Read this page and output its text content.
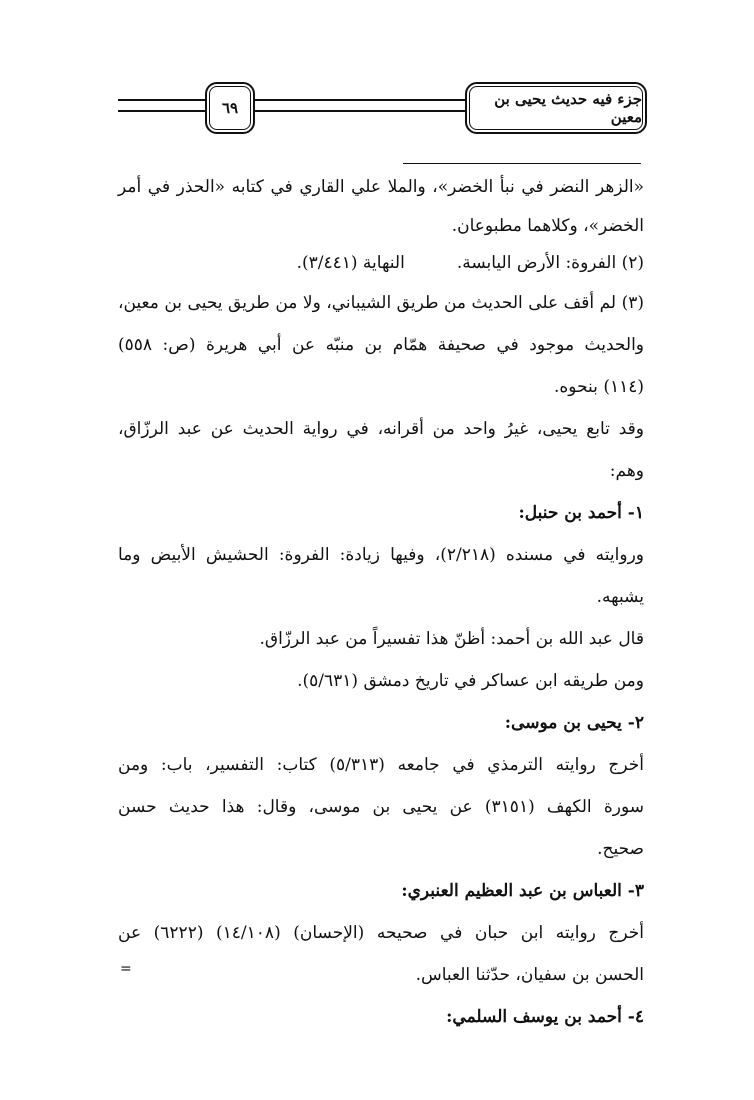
٦٩	جزء فيه حديث يحيى بن معين
«الزهر النضر في نبأ الخضر»، والملا علي القاري في كتابه «الحذر في أمر
الخضر»، وكلاهما مطبوعان.
(٢) الفروة: الأرض اليابسة.النهاية (٣/٤٤١).
(٣) لم أقف على الحديث من طريق الشيباني، ولا من طريق يحيى بن معين،
والحديث موجود في صحيفة همّام بن منبّه عن أبي هريرة (ص: ٥٥٨)
(١١٤) بنحوه.
وقد تابع يحيى، غيرُ واحد من أقرانه، في رواية الحديث عن عبد الرزّاق،
وهم:
١- أحمد بن حنبل:
وروايته في مسنده (٢/٢١٨)، وفيها زيادة: الفروة: الحشيش الأبيض وما
يشبهه.
قال عبد الله بن أحمد: أظنّ هذا تفسيراً من عبد الرزّاق.
ومن طريقه ابن عساكر في تاريخ دمشق (٥/٦٣١).
٢- يحيى بن موسى:
أخرج روايته الترمذي في جامعه (٥/٣١٣) كتاب: التفسير، باب: ومن
سورة الكهف (٣١٥١) عن يحيى بن موسى، وقال: هذا حديث حسن
صحيح.
٣- العباس بن عبد العظيم العنبري:
أخرج روايته ابن حبان في صحيحه (الإحسان) (١٤/١٠٨) (٦٢٢٢) عن
الحسن بن سفيان، حدّثنا العباس.
٤- أحمد بن يوسف السلمي:
=
